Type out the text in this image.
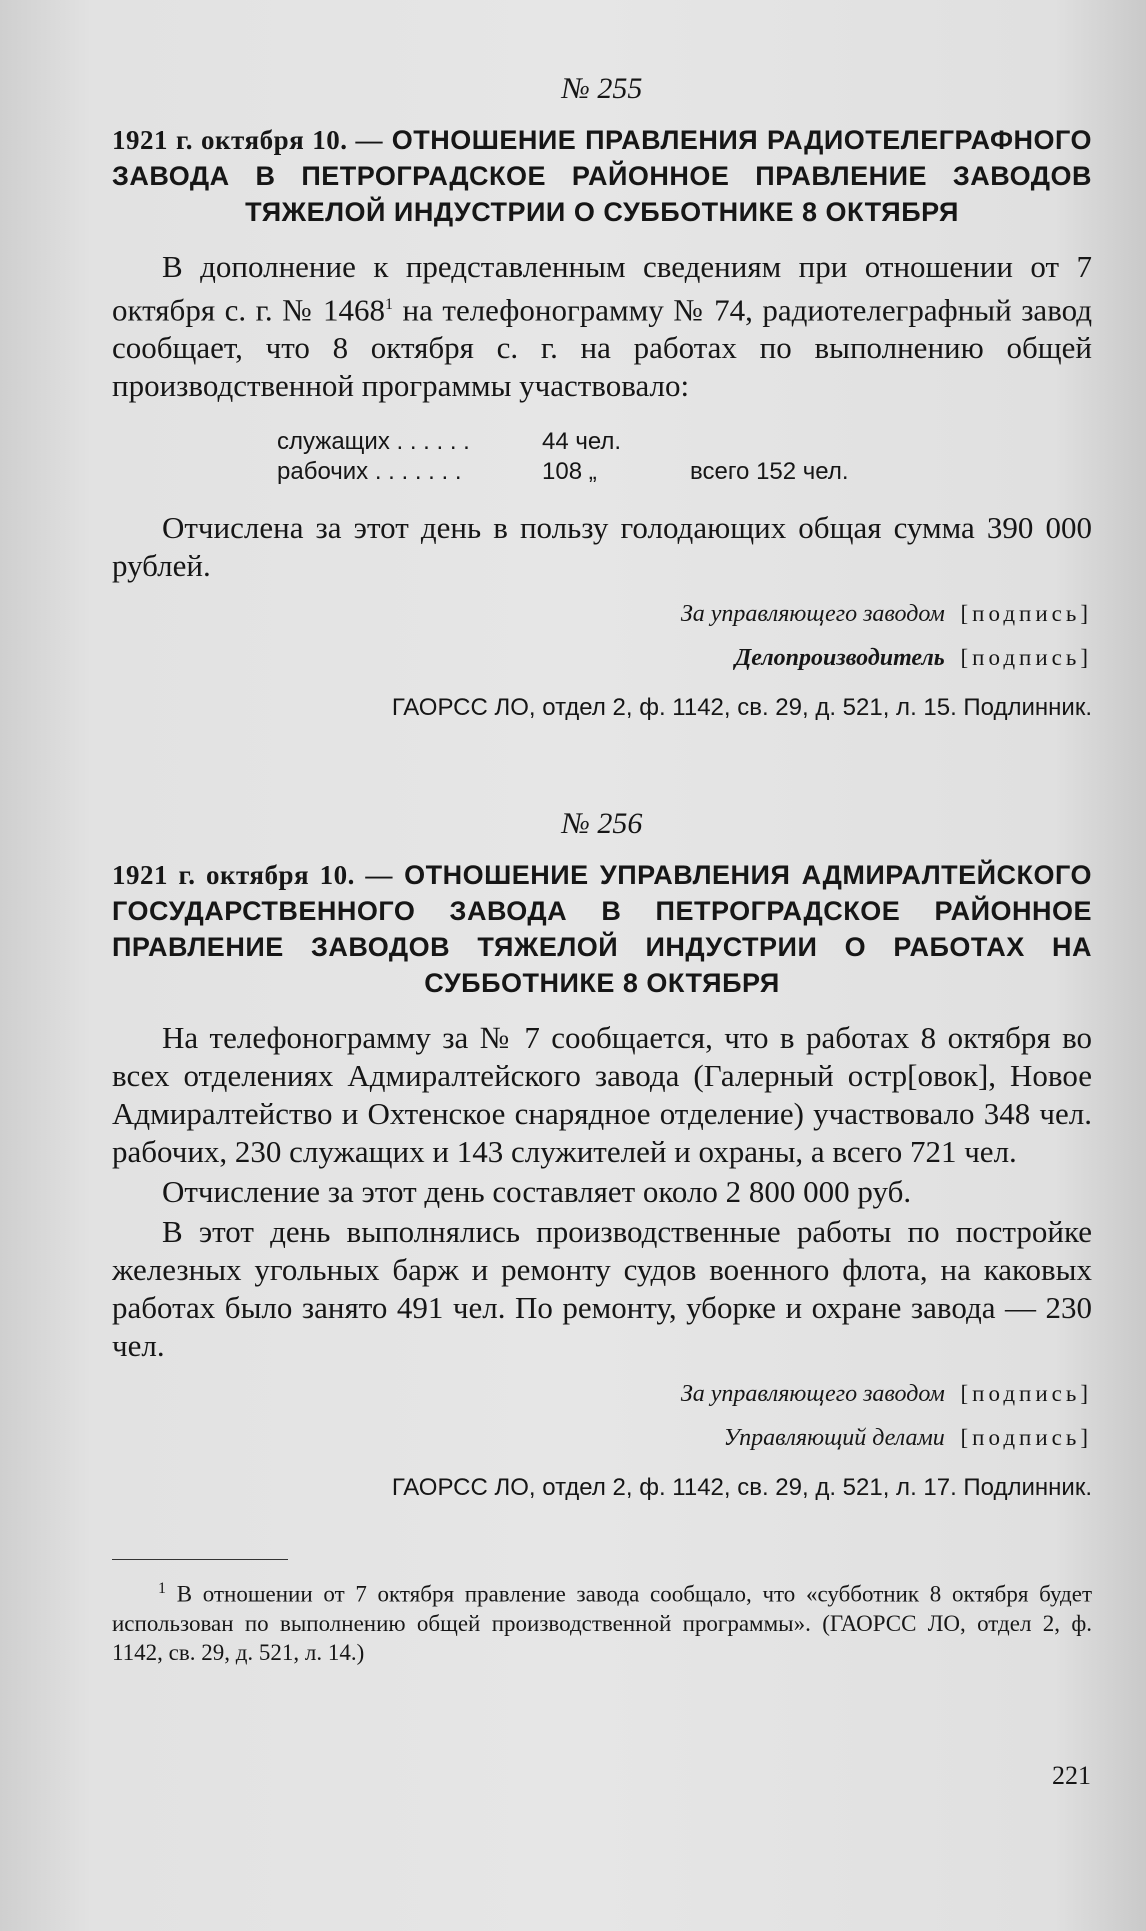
№ 255

1921 г. октября 10. — ОТНОШЕНИЕ ПРАВЛЕНИЯ РАДИОТЕЛЕГРАФНОГО ЗАВОДА В ПЕТРОГРАДСКОЕ РАЙОННОЕ ПРАВЛЕНИЕ ЗАВОДОВ ТЯЖЕЛОЙ ИНДУСТРИИ О СУББОТНИКЕ 8 ОКТЯБРЯ

В дополнение к представленным сведениям при отношении от 7 октября с. г. № 1468$^1$ на телефонограмму № 74, радиотелеграфный завод сообщает, что 8 октября с. г. на работах по выполнению общей производственной программы участвовало:

служащих . . . . . .	44 чел.
рабочих . . . . . . .	108 „	всего 152 чел.

Отчислена за этот день в пользу голодающих общая сумма 390 000 рублей.

За управляющего заводом [подпись]

Делопроизводитель [подпись]

ГАОРСС ЛО, отдел 2, ф. 1142, св. 29, д. 521, л. 15. Подлинник.

№ 256

1921 г. октября 10. — ОТНОШЕНИЕ УПРАВЛЕНИЯ АДМИРАЛТЕЙСКОГО ГОСУДАРСТВЕННОГО ЗАВОДА В ПЕТРОГРАДСКОЕ РАЙОННОЕ ПРАВЛЕНИЕ ЗАВОДОВ ТЯЖЕЛОЙ ИНДУСТРИИ О РАБОТАХ НА СУББОТНИКЕ 8 ОКТЯБРЯ

На телефонограмму за № 7 сообщается, что в работах 8 октября во всех отделениях Адмиралтейского завода (Галерный остр[овок], Новое Адмиралтейство и Охтенское снарядное отделение) участвовало 348 чел. рабочих, 230 служащих и 143 служителей и охраны, а всего 721 чел.

Отчисление за этот день составляет около 2 800 000 руб.

В этот день выполнялись производственные работы по постройке железных угольных барж и ремонту судов военного флота, на каковых работах было занято 491 чел. По ремонту, уборке и охране завода — 230 чел.

За управляющего заводом [подпись]

Управляющий делами [подпись]

ГАОРСС ЛО, отдел 2, ф. 1142, св. 29, д. 521, л. 17. Подлинник.

$^1$ В отношении от 7 октября правление завода сообщало, что «субботник 8 октября будет использован по выполнению общей производственной программы». (ГАОРСС ЛО, отдел 2, ф. 1142, св. 29, д. 521, л. 14.)

221
